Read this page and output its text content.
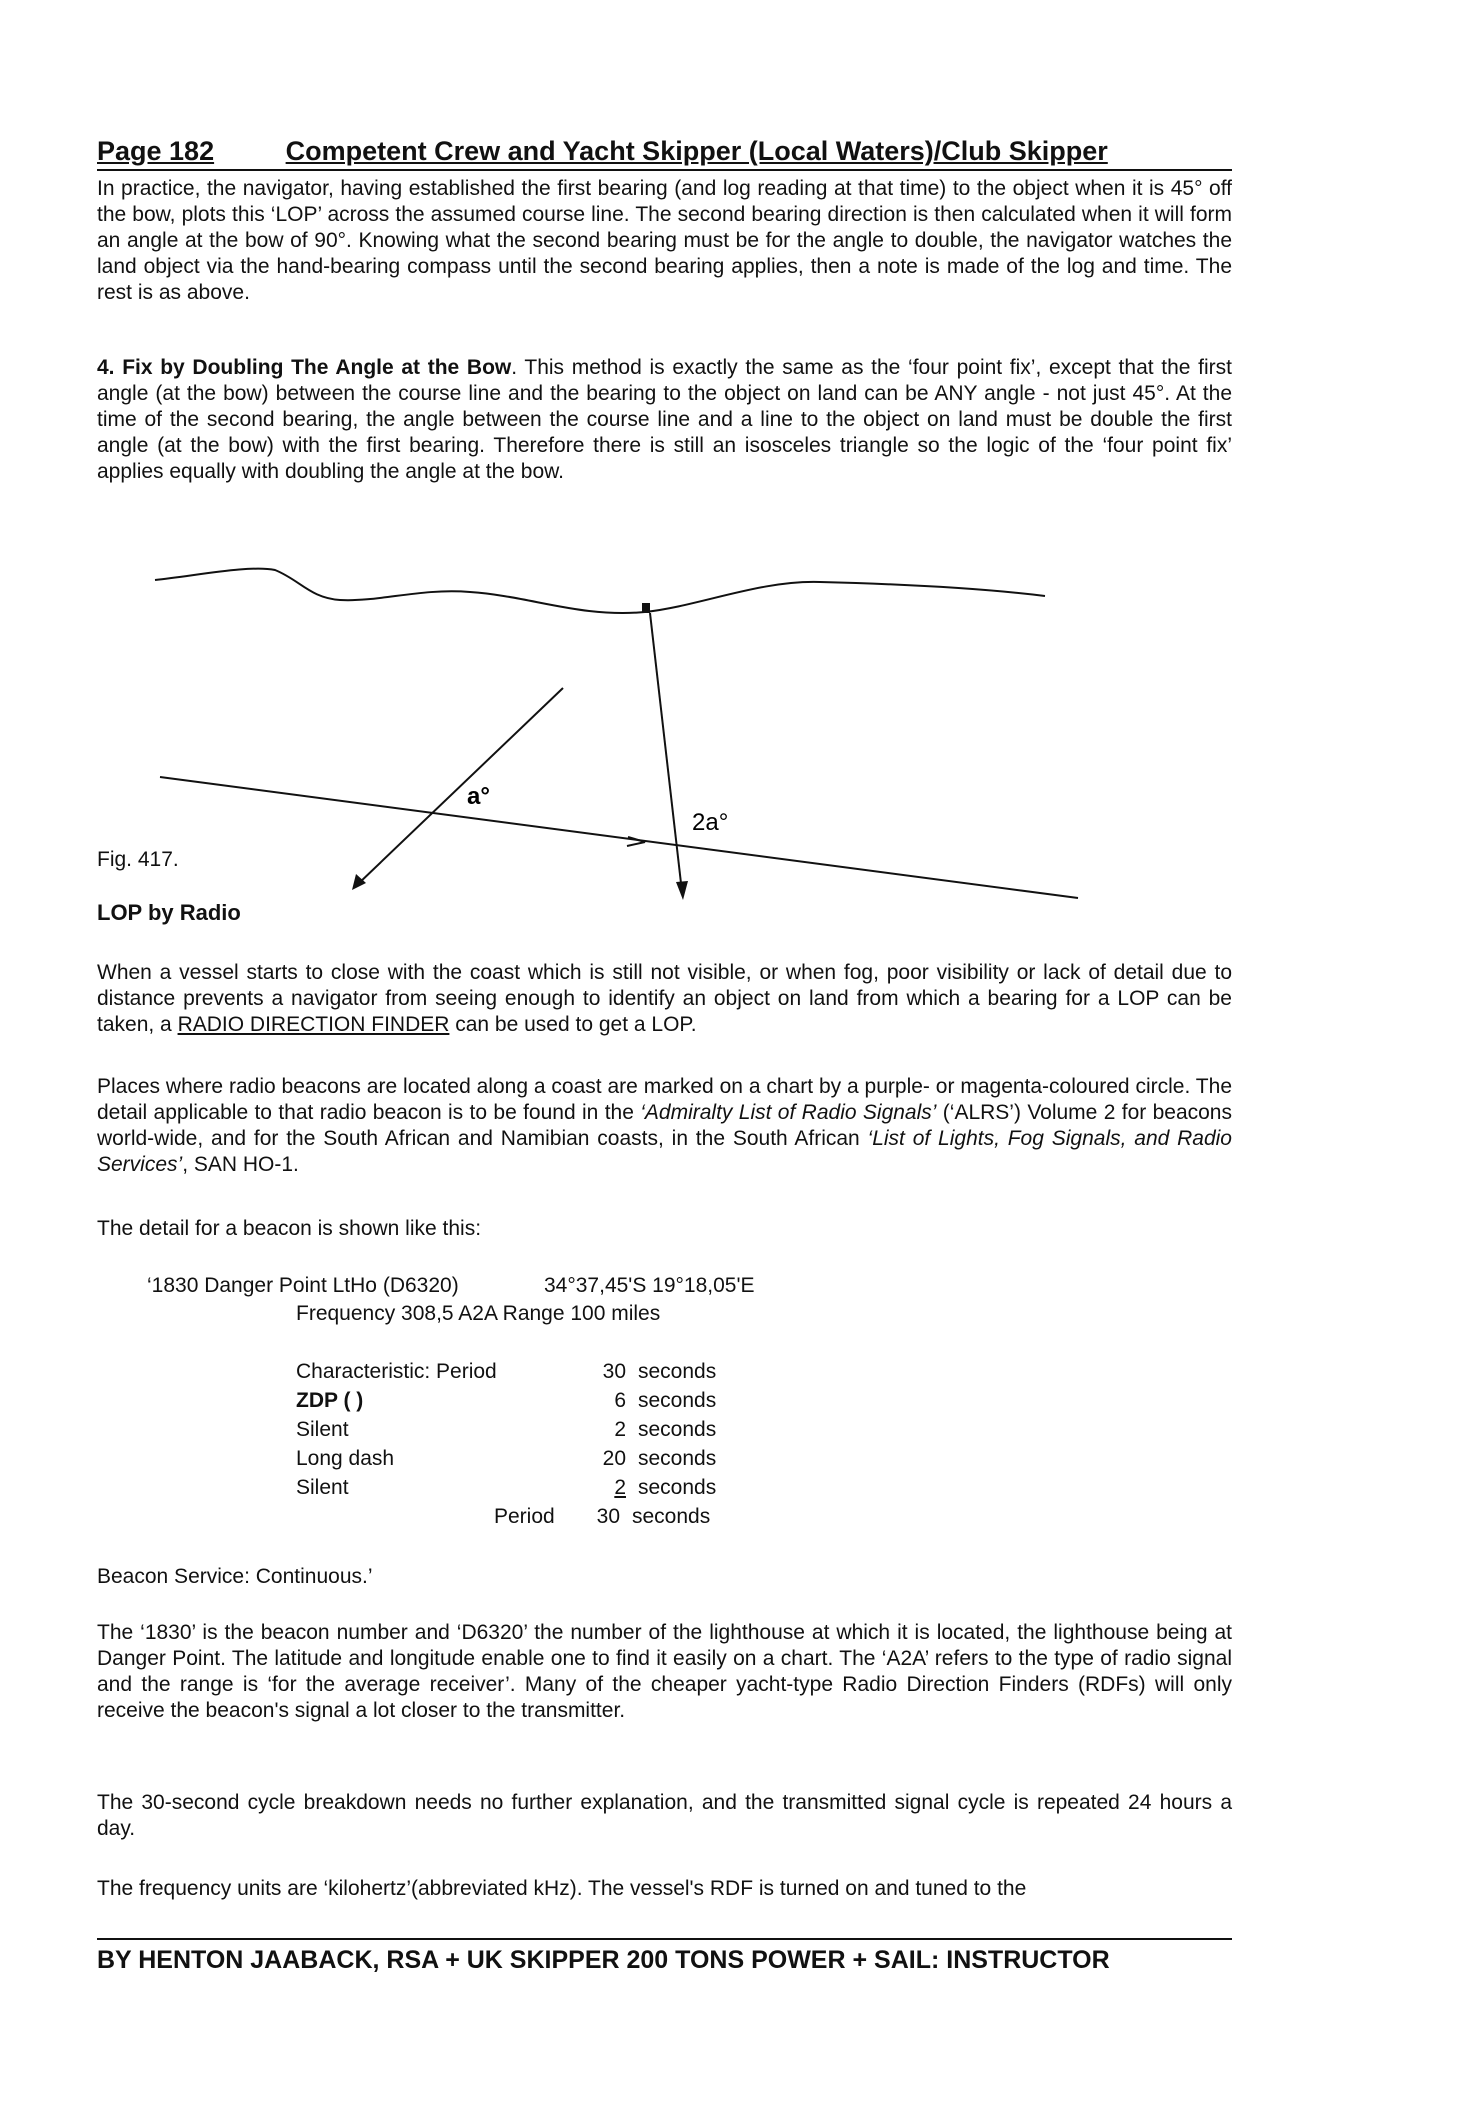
Page 182	Competent Crew and Yacht Skipper (Local Waters)/Club Skipper
In practice, the navigator, having established the first bearing (and log reading at that time) to the object when it is 45° off the bow, plots this ‘LOP’ across the assumed course line. The second bearing direction is then calculated when it will form an angle at the bow of 90°. Knowing what the second bearing must be for the angle to double, the navigator watches the land object via the hand-bearing compass until the second bearing applies, then a note is made of the log and time. The rest is as above.
4. Fix by Doubling The Angle at the Bow. This method is exactly the same as the ‘four point fix’, except that the first angle (at the bow) between the course line and the bearing to the object on land can be ANY angle - not just 45°. At the time of the second bearing, the angle between the course line and a line to the object on land must be double the first angle (at the bow) with the first bearing. Therefore there is still an isosceles triangle so the logic of the ‘four point fix’ applies equally with doubling the angle at the bow.
a°
2a°
Fig. 417.
LOP by Radio
When a vessel starts to close with the coast which is still not visible, or when fog, poor visibility or lack of detail due to distance prevents a navigator from seeing enough to identify an object on land from which a bearing for a LOP can be taken, a RADIO DIRECTION FINDER can be used to get a LOP.
Places where radio beacons are located along a coast are marked on a chart by a purple- or magenta-coloured circle. The detail applicable to that radio beacon is to be found in the ‘Admiralty List of Radio Signals’ (‘ALRS’) Volume 2 for beacons world-wide, and for the South African and Namibian coasts, in the South African ‘List of Lights, Fog Signals, and Radio Services’, SAN HO-1.
The detail for a beacon is shown like this:
‘1830 Danger Point LtHo (D6320)	34°37,45'S 19°18,05'E
Frequency 308,5 A2A Range 100 miles
Characteristic: Period	30 seconds
ZDP ( )	6 seconds
Silent	2 seconds
Long dash	20 seconds
Silent	2 seconds
Period	30 seconds
Beacon Service: Continuous.’
The ‘1830’ is the beacon number and ‘D6320’ the number of the lighthouse at which it is located, the lighthouse being at Danger Point. The latitude and longitude enable one to find it easily on a chart. The ‘A2A’ refers to the type of radio signal and the range is ‘for the average receiver’. Many of the cheaper yacht-type Radio Direction Finders (RDFs) will only receive the beacon's signal a lot closer to the transmitter.
The 30-second cycle breakdown needs no further explanation, and the transmitted signal cycle is repeated 24 hours a day.
The frequency units are ‘kilohertz’(abbreviated kHz). The vessel's RDF is turned on and tuned to the
BY HENTON JAABACK, RSA + UK SKIPPER 200 TONS POWER + SAIL: INSTRUCTOR
